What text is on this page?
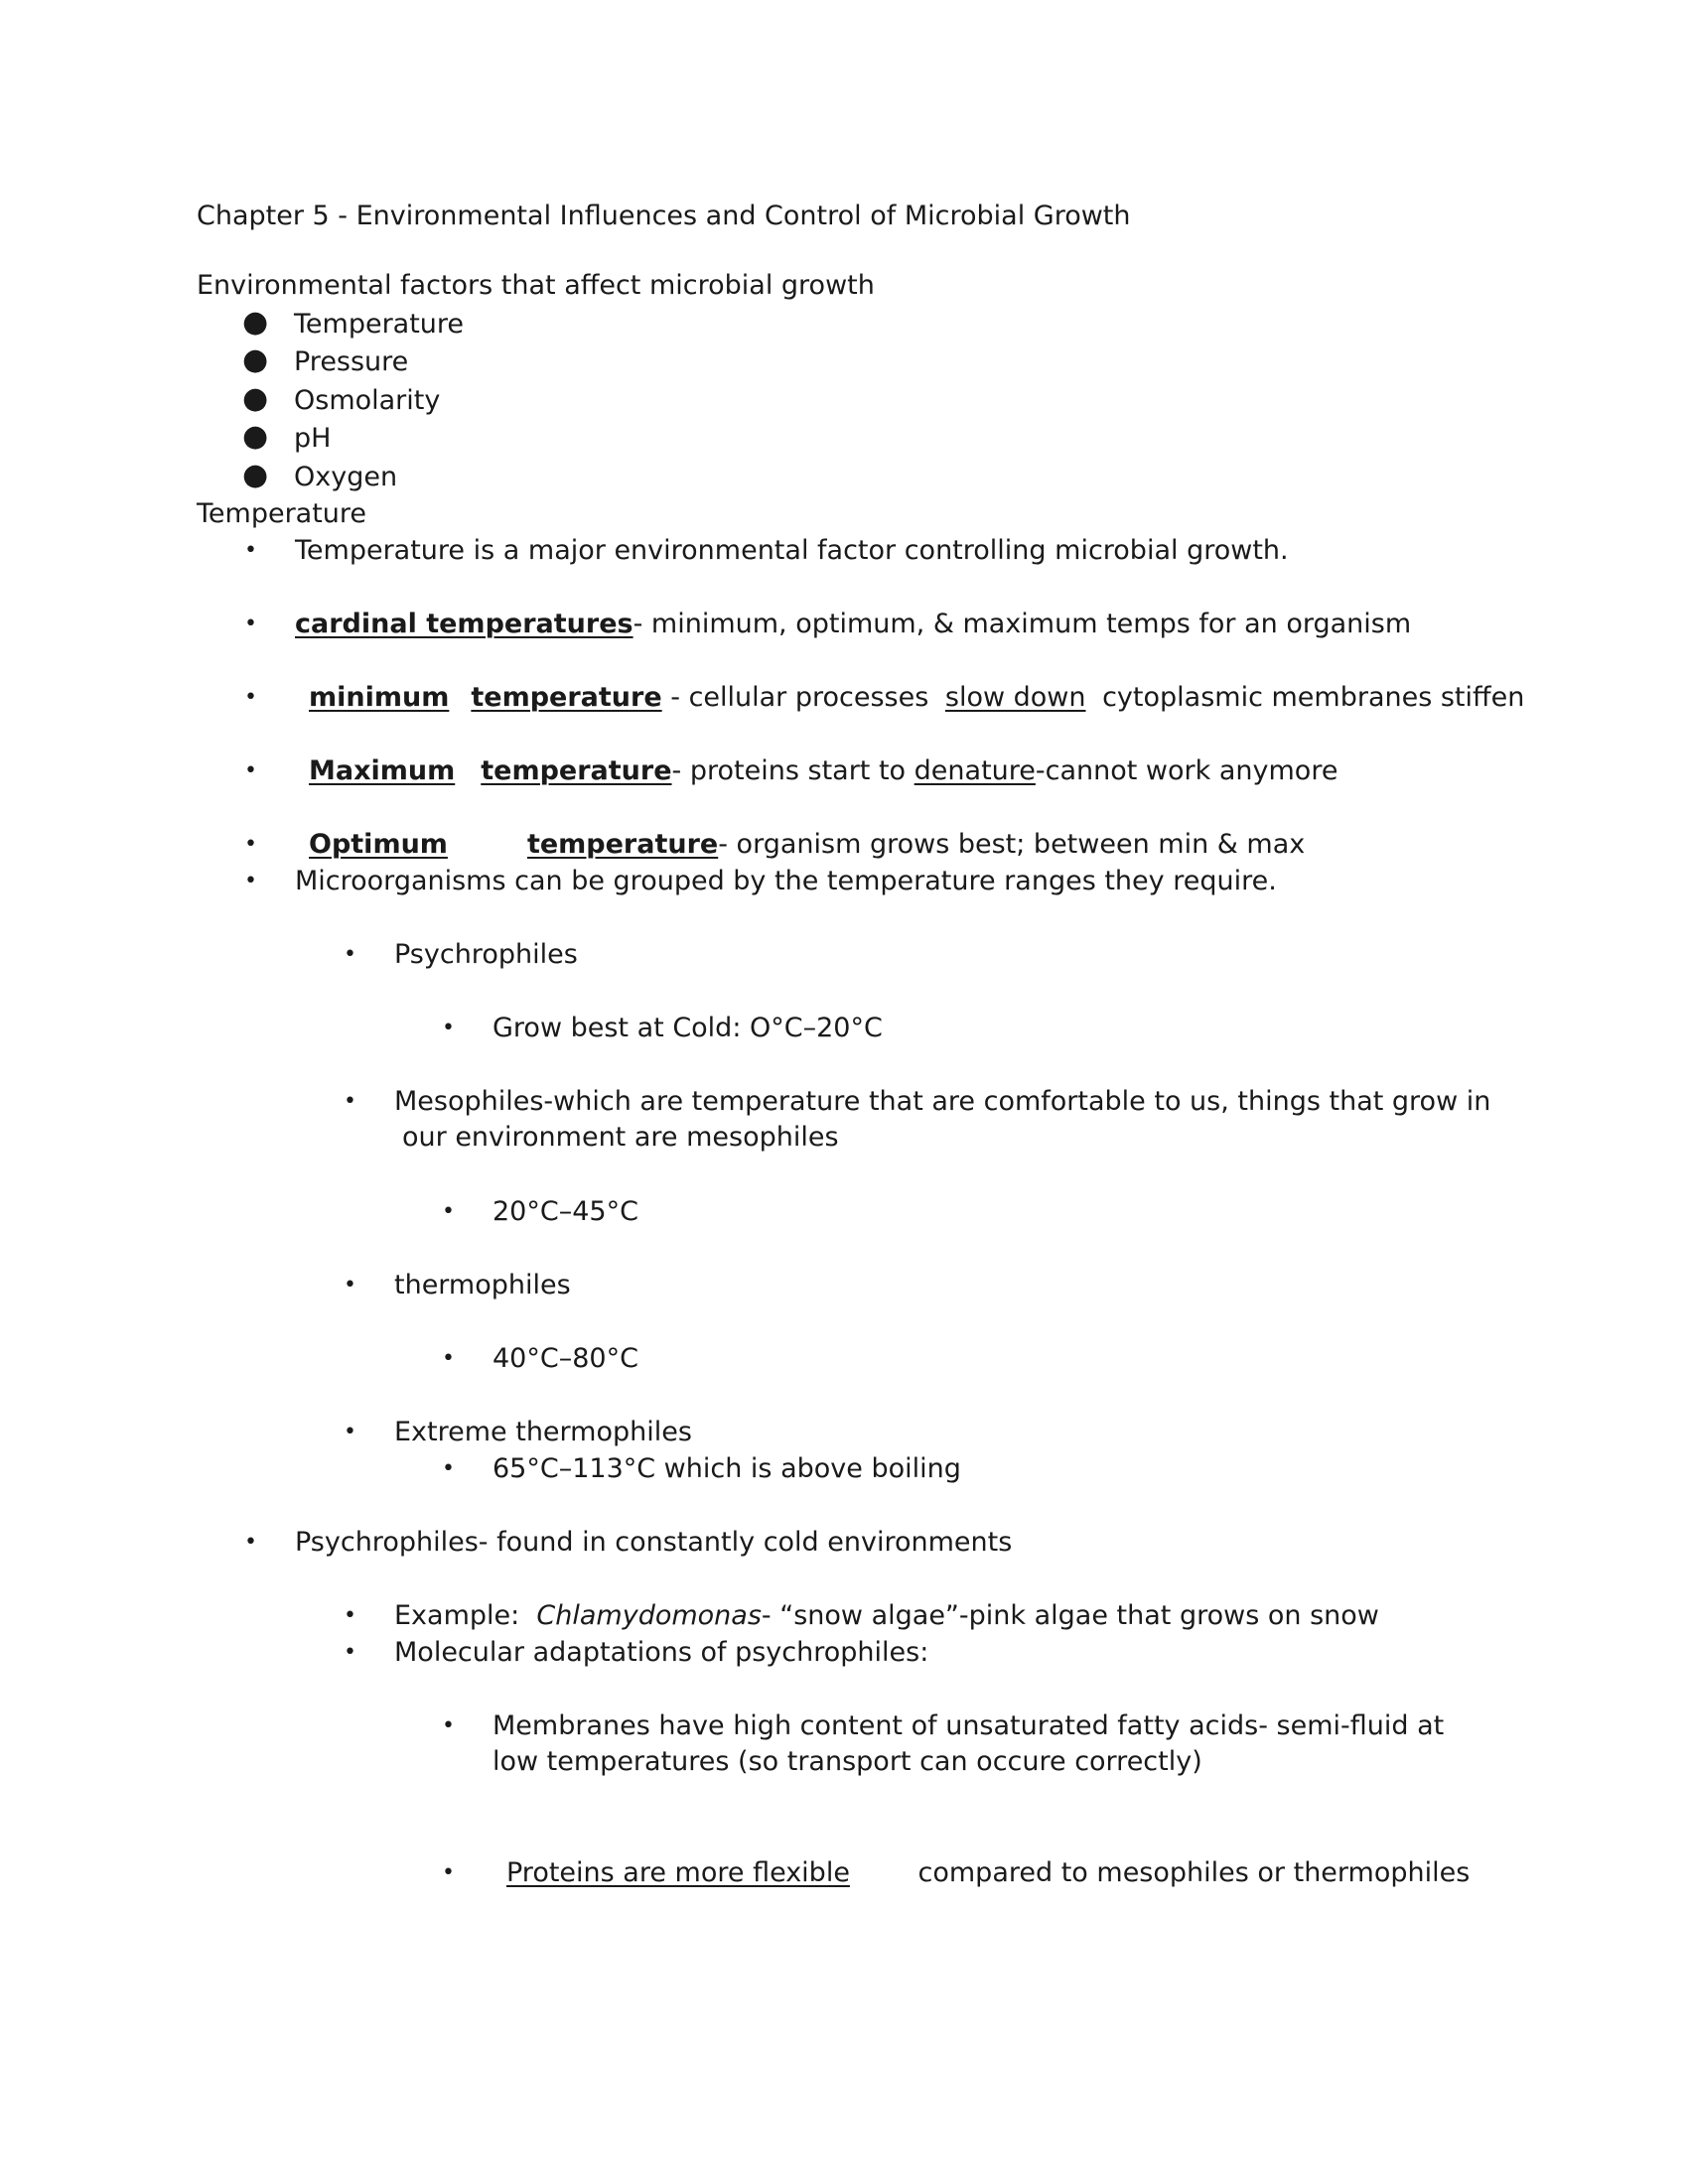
Chapter 5 - Environmental Influences and Control of Microbial Growth
Environmental factors that affect microbial growth
● Temperature
● Pressure
● Osmolarity
● pH
● Oxygen
Temperature
• Temperature is a major environmental factor controlling microbial growth.
• cardinal temperatures- minimum, optimum, & maximum temps for an organism
•	minimum temperature - cellular processes slow down cytoplasmic membranes stiffen
•	Maximum temperature- proteins start to denature-cannot work anymore
•	Optimum	temperature- organism grows best; between min & max
• Microorganisms can be grouped by the temperature ranges they require.
• Psychrophiles
• Grow best at Cold: O°C–20°C
• Mesophiles-which are temperature that are comfortable to us, things that grow in our environment are mesophiles
• 20°C–45°C
• thermophiles
• 40°C–80°C
• Extreme thermophiles
• 65°C–113°C which is above boiling
• Psychrophiles- found in constantly cold environments
• Example:  Chlamydomonas- “snow algae”-pink algae that grows on snow
• Molecular adaptations of psychrophiles:
• Membranes have high content of unsaturated fatty acids- semi-fluid at low temperatures (so transport can occure correctly)
•	Proteins are more flexible compared to mesophiles or thermophiles
